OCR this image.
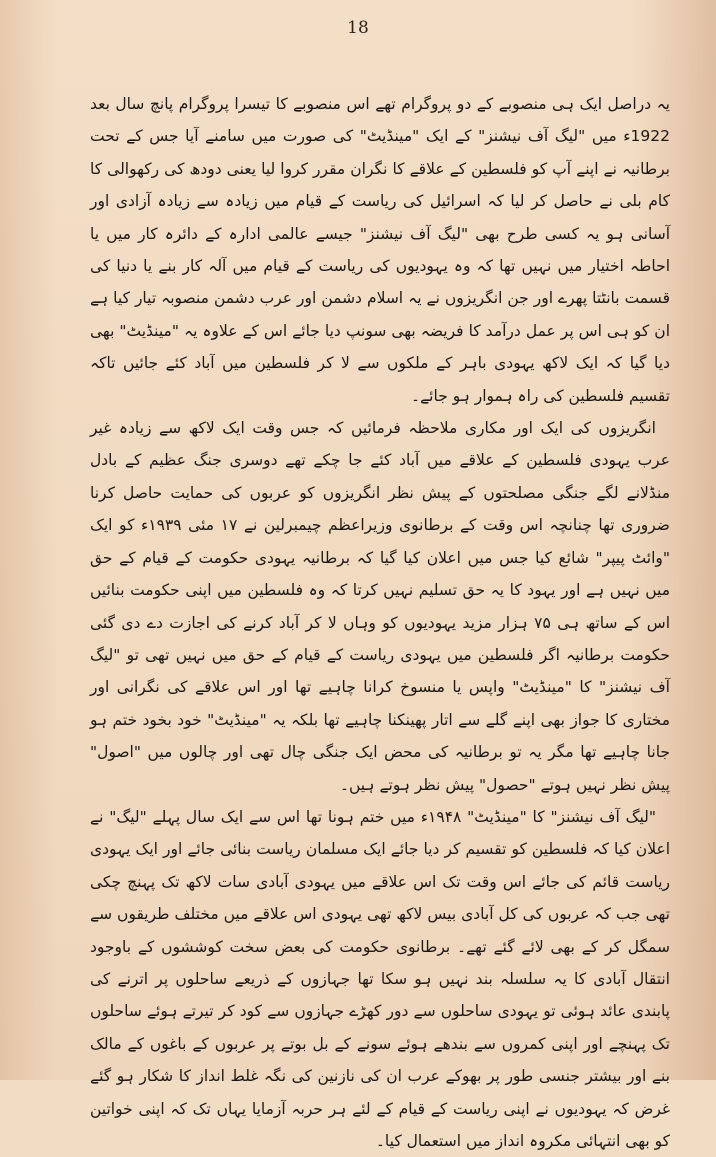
18

یہ دراصل ایک ہی منصوبے کے دو پروگرام تھے اس منصوبے کا تیسرا پروگرام پانچ سال بعد 1922ء میں "لیگ آف نیشنز" کے ایک "مینڈیٹ" کی صورت میں سامنے آیا جس کے تحت برطانیہ نے اپنے آپ کو فلسطین کے علاقے کا نگران مقرر کروا لیا یعنی دودھ کی رکھوالی کا کام بلی نے حاصل کر لیا کہ اسرائیل کی ریاست کے قیام میں زیادہ سے زیادہ آزادی اور آسانی ہو یہ کسی طرح بھی "لیگ آف نیشنز" جیسے عالمی ادارہ کے دائرہ کار میں یا احاطہ اختیار میں نہیں تھا کہ وہ یہودیوں کی ریاست کے قیام میں آلہ کار بنے یا دنیا کی قسمت بانٹتا پھرے اور جن انگریزوں نے یہ اسلام دشمن اور عرب دشمن منصوبہ تیار کیا ہے ان کو ہی اس پر عمل درآمد کا فریضہ بھی سونپ دیا جائے اس کے علاوہ یہ "مینڈیٹ" بھی دیا گیا کہ ایک لاکھ یہودی باہر کے ملکوں سے لا کر فلسطین میں آباد کئے جائیں تاکہ تقسیم فلسطین کی راہ ہموار ہو جائے۔

انگریزوں کی ایک اور مکاری ملاحظہ فرمائیں کہ جس وقت ایک لاکھ سے زیادہ غیر عرب یہودی فلسطین کے علاقے میں آباد کئے جا چکے تھے دوسری جنگ عظیم کے بادل منڈلانے لگے جنگی مصلحتوں کے پیش نظر انگریزوں کو عربوں کی حمایت حاصل کرنا ضروری تھا چنانچہ اس وقت کے برطانوی وزیراعظم چیمبرلین نے ۱۷ مئی ۱۹۳۹ء کو ایک "وائٹ پیپر" شائع کیا جس میں اعلان کیا گیا کہ برطانیہ یہودی حکومت کے قیام کے حق میں نہیں ہے اور یہود کا یہ حق تسلیم نہیں کرتا کہ وہ فلسطین میں اپنی حکومت بنائیں اس کے ساتھ ہی ۷۵ ہزار مزید یہودیوں کو وہاں لا کر آباد کرنے کی اجازت دے دی گئی حکومت برطانیہ اگر فلسطین میں یہودی ریاست کے قیام کے حق میں نہیں تھی تو "لیگ آف نیشنز" کا "مینڈیٹ" واپس یا منسوخ کرانا چاہیے تھا اور اس علاقے کی نگرانی اور مختاری کا جواز بھی اپنے گلے سے اتار پھینکنا چاہیے تھا بلکہ یہ "مینڈیٹ" خود بخود ختم ہو جانا چاہیے تھا مگر یہ تو برطانیہ کی محض ایک جنگی چال تھی اور چالوں میں "اصول" پیش نظر نہیں ہوتے "حصول" پیش نظر ہوتے ہیں۔

"لیگ آف نیشنز" کا "مینڈیٹ" ۱۹۴۸ء میں ختم ہونا تھا اس سے ایک سال پہلے "لیگ" نے اعلان کیا کہ فلسطین کو تقسیم کر دیا جائے ایک مسلمان ریاست بنائی جائے اور ایک یہودی ریاست قائم کی جائے اس وقت تک اس علاقے میں یہودی آبادی سات لاکھ تک پہنچ چکی تھی جب کہ عربوں کی کل آبادی بیس لاکھ تھی یہودی اس علاقے میں مختلف طریقوں سے سمگل کر کے بھی لائے گئے تھے۔ برطانوی حکومت کی بعض سخت کوششوں کے باوجود انتقال آبادی کا یہ سلسلہ بند نہیں ہو سکا تھا جہازوں کے ذریعے ساحلوں پر اترنے کی پابندی عائد ہوئی تو یہودی ساحلوں سے دور کھڑے جہازوں سے کود کر تیرتے ہوئے ساحلوں تک پہنچے اور اپنی کمروں سے بندھے ہوئے سونے کے بل بوتے پر عربوں کے باغوں کے مالک بنے اور بیشتر جنسی طور پر بھوکے عرب ان کی نازنین کی نگہ غلط انداز کا شکار ہو گئے غرض کہ یہودیوں نے اپنی ریاست کے قیام کے لئے ہر حربہ آزمایا یہاں تک کہ اپنی خواتین کو بھی انتہائی مکروہ انداز میں استعمال کیا۔
